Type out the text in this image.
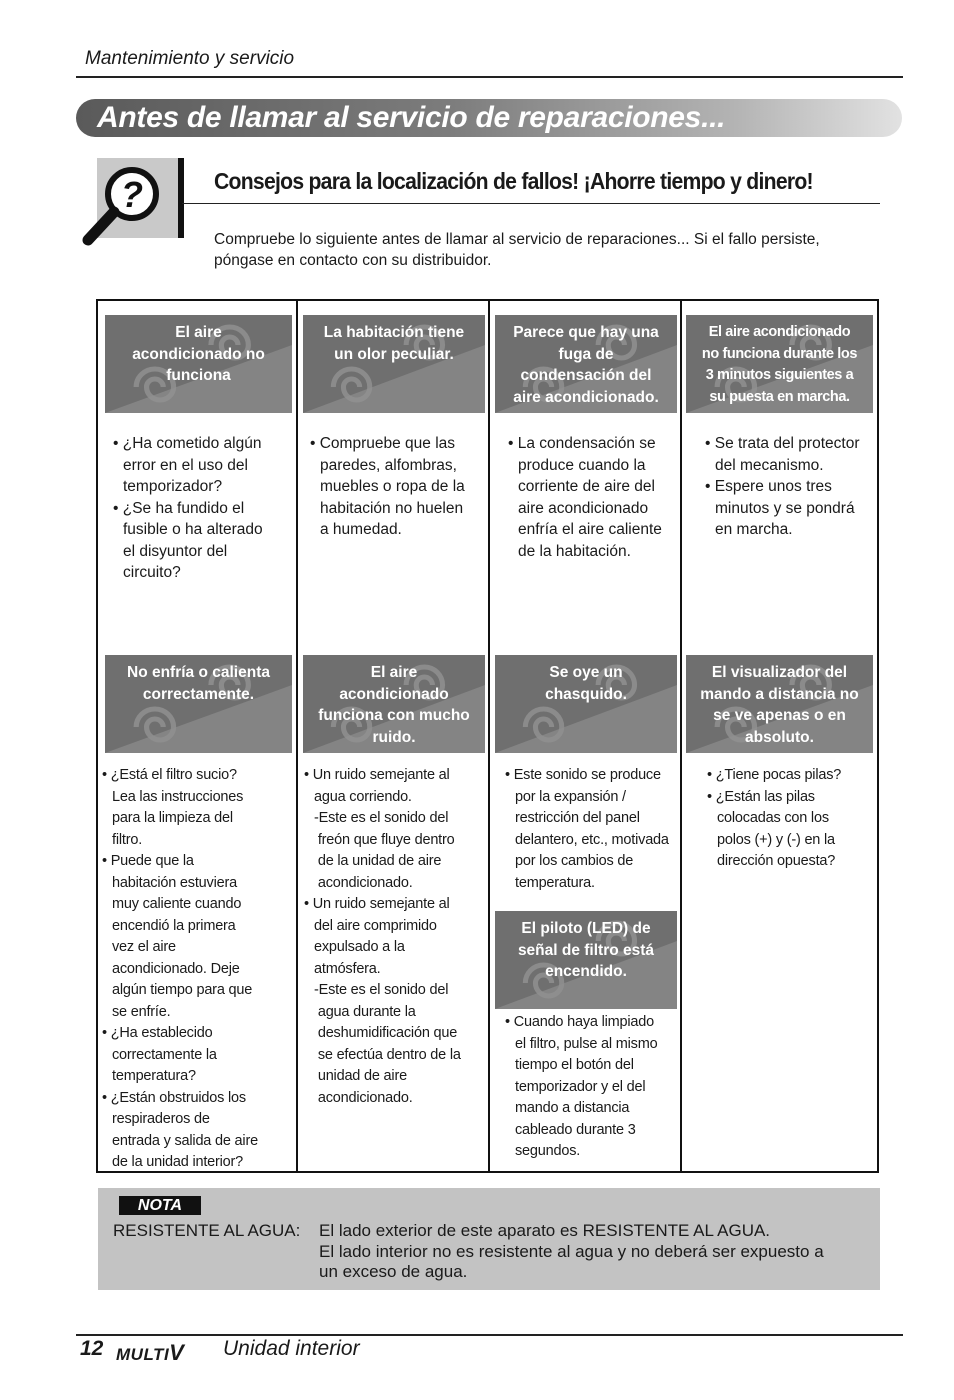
Mantenimiento y servicio
Antes de llamar al servicio de reparaciones...
?	Consejos para la localización de fallos! ¡Ahorre tiempo y dinero!
Compruebe lo siguiente antes de llamar al servicio de reparaciones... Si el fallo persiste,
póngase en contacto con su distribuidor.
El aire
acondicionado no
funciona
• ¿Ha cometido algún
error en el uso del
temporizador?
• ¿Se ha fundido el
fusible o ha alterado
el disyuntor del
circuito?
La habitación tiene
un olor peculiar.
• Compruebe que las
paredes, alfombras,
muebles o ropa de la
habitación no huelen
a humedad.
Parece que hay una
fuga de
condensación del
aire acondicionado.
• La condensación se
produce cuando la
corriente de aire del
aire acondicionado
enfría el aire caliente
de la habitación.
El aire acondicionado
no funciona durante los
3 minutos siguientes a
su puesta en marcha.
• Se trata del protector
del mecanismo.
• Espere unos tres
minutos y se pondrá
en marcha.
No enfría o calienta
correctamente.
• ¿Está el filtro sucio?
Lea las instrucciones
para la limpieza del
filtro.
• Puede que la
habitación estuviera
muy caliente cuando
encendió la primera
vez el aire
acondicionado. Deje
algún tiempo para que
se enfríe.
• ¿Ha establecido
correctamente la
temperatura?
• ¿Están obstruidos los
respiraderos de
entrada y salida de aire
de la unidad interior?
El aire
acondicionado
funciona con mucho
ruido.
• Un ruido semejante al
agua corriendo.
-Este es el sonido del
freón que fluye dentro
de la unidad de aire
acondicionado.
• Un ruido semejante al
del aire comprimido
expulsado a la
atmósfera.
-Este es el sonido del
agua durante la
deshumidificación que
se efectúa dentro de la
unidad de aire
acondicionado.
Se oye un
chasquido.
• Este sonido se produce
por la expansión /
restricción del panel
delantero, etc., motivada
por los cambios de
temperatura.
El visualizador del
mando a distancia no
se ve apenas o en
absoluto.
• ¿Tiene pocas pilas?
• ¿Están las pilas
colocadas con los
polos (+) y (-) en la
dirección opuesta?
El piloto (LED) de
señal de filtro está
encendido.
• Cuando haya limpiado
el filtro, pulse al mismo
tiempo el botón del
temporizador y el del
mando a distancia
cableado durante 3
segundos.
NOTA
RESISTENTE AL AGUA: El lado exterior de este aparato es RESISTENTE AL AGUA.
El lado interior no es resistente al agua y no deberá ser expuesto a
un exceso de agua.
12 MULTIV Unidad interior
